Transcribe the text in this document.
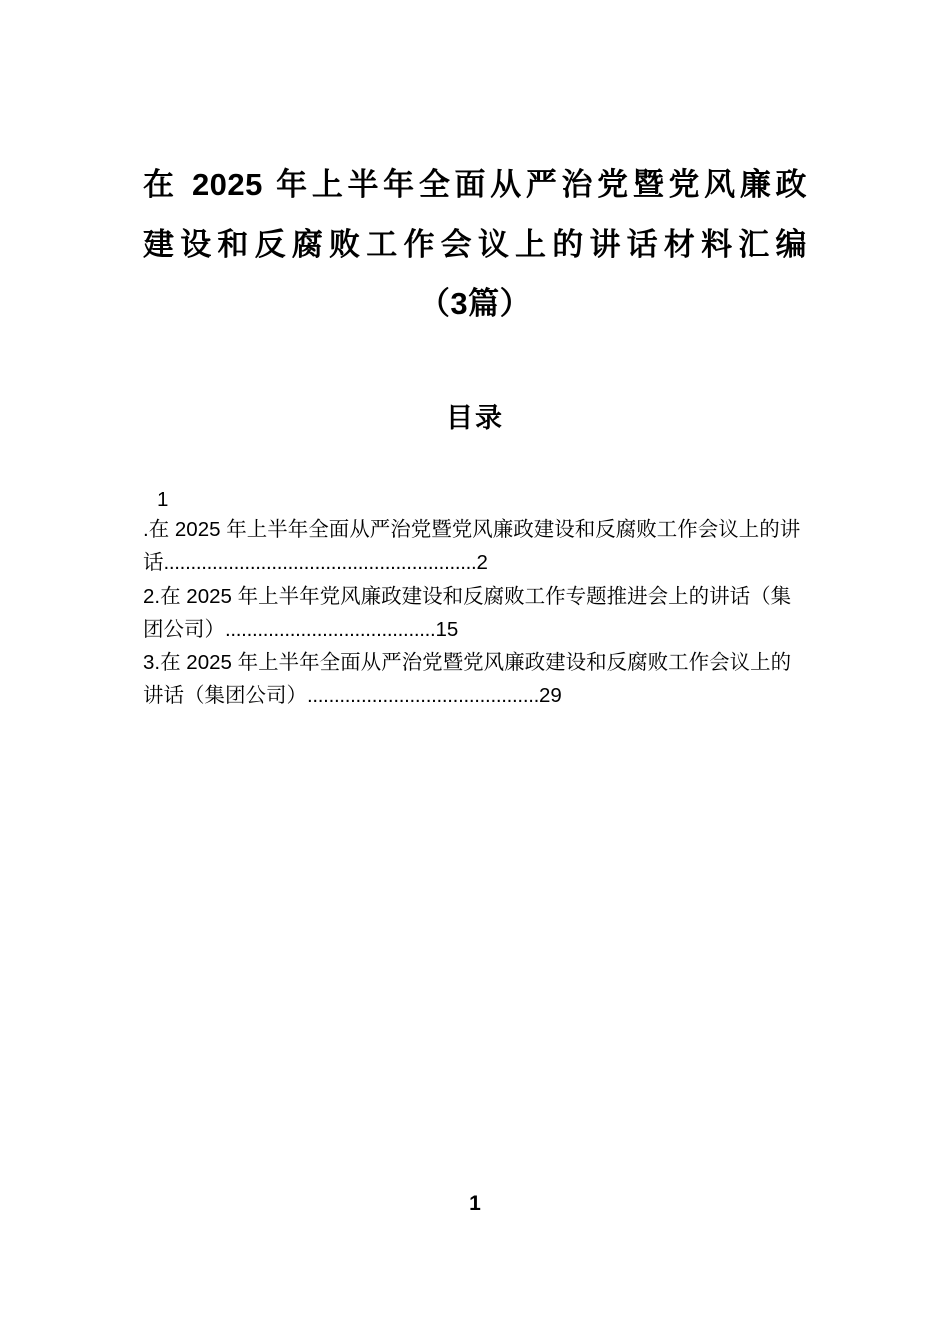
在 2025 年上半年全面从严治党暨党风廉政
建设和反腐败工作会议上的讲话材料汇编
（3篇）
目录
1
.在 2025 年上半年全面从严治党暨党风廉政建设和反腐败工作会议上的讲话..........................................................2
2.在 2025 年上半年党风廉政建设和反腐败工作专题推进会上的讲话（集团公司）.......................................15
3.在 2025 年上半年全面从严治党暨党风廉政建设和反腐败工作会议上的讲话（集团公司）...........................................29
1
